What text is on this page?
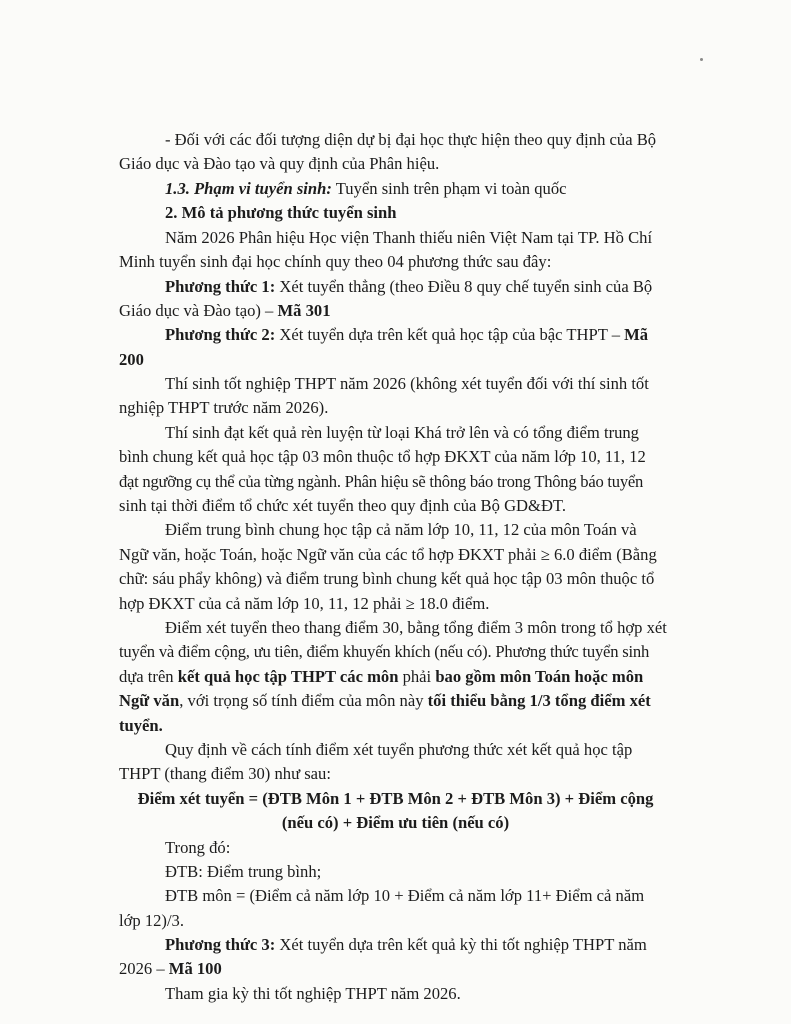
- Đối với các đối tượng diện dự bị đại học thực hiện theo quy định của Bộ
Giáo dục và Đào tạo và quy định của Phân hiệu.
1.3. Phạm vi tuyển sinh: Tuyển sinh trên phạm vi toàn quốc
2. Mô tả phương thức tuyển sinh
Năm 2026 Phân hiệu Học viện Thanh thiếu niên Việt Nam tại TP. Hồ Chí
Minh tuyển sinh đại học chính quy theo 04 phương thức sau đây:
Phương thức 1: Xét tuyển thẳng (theo Điều 8 quy chế tuyển sinh của Bộ
Giáo dục và Đào tạo) – Mã 301
Phương thức 2: Xét tuyển dựa trên kết quả học tập của bậc THPT – Mã
200
Thí sinh tốt nghiệp THPT năm 2026 (không xét tuyển đối với thí sinh tốt
nghiệp THPT trước năm 2026).
Thí sinh đạt kết quả rèn luyện từ loại Khá trở lên và có tổng điểm trung
bình chung kết quả học tập 03 môn thuộc tổ hợp ĐKXT của năm lớp 10, 11, 12
đạt ngưỡng cụ thể của từng ngành. Phân hiệu sẽ thông báo trong Thông báo tuyển
sinh tại thời điểm tổ chức xét tuyển theo quy định của Bộ GD&ĐT.
Điểm trung bình chung học tập cả năm lớp 10, 11, 12 của môn Toán và
Ngữ văn, hoặc Toán, hoặc Ngữ văn của các tổ hợp ĐKXT phải ≥ 6.0 điểm (Bằng
chữ: sáu phẩy không) và điểm trung bình chung kết quả học tập 03 môn thuộc tổ
hợp ĐKXT của cả năm lớp 10, 11, 12 phải ≥ 18.0 điểm.
Điểm xét tuyển theo thang điểm 30, bằng tổng điểm 3 môn trong tổ hợp xét
tuyển và điểm cộng, ưu tiên, điểm khuyến khích (nếu có). Phương thức tuyển sinh
dựa trên kết quả học tập THPT các môn phải bao gồm môn Toán hoặc môn
Ngữ văn, với trọng số tính điểm của môn này tối thiểu bằng 1/3 tổng điểm xét
tuyển.
Quy định về cách tính điểm xét tuyển phương thức xét kết quả học tập
THPT (thang điểm 30) như sau:
Điểm xét tuyển = (ĐTB Môn 1 + ĐTB Môn 2 + ĐTB Môn 3) + Điểm cộng
(nếu có) + Điểm ưu tiên (nếu có)
Trong đó:
ĐTB: Điểm trung bình;
ĐTB môn = (Điểm cả năm lớp 10 + Điểm cả năm lớp 11+ Điểm cả năm
lớp 12)/3.
Phương thức 3: Xét tuyển dựa trên kết quả kỳ thi tốt nghiệp THPT năm
2026 – Mã 100
Tham gia kỳ thi tốt nghiệp THPT năm 2026.
